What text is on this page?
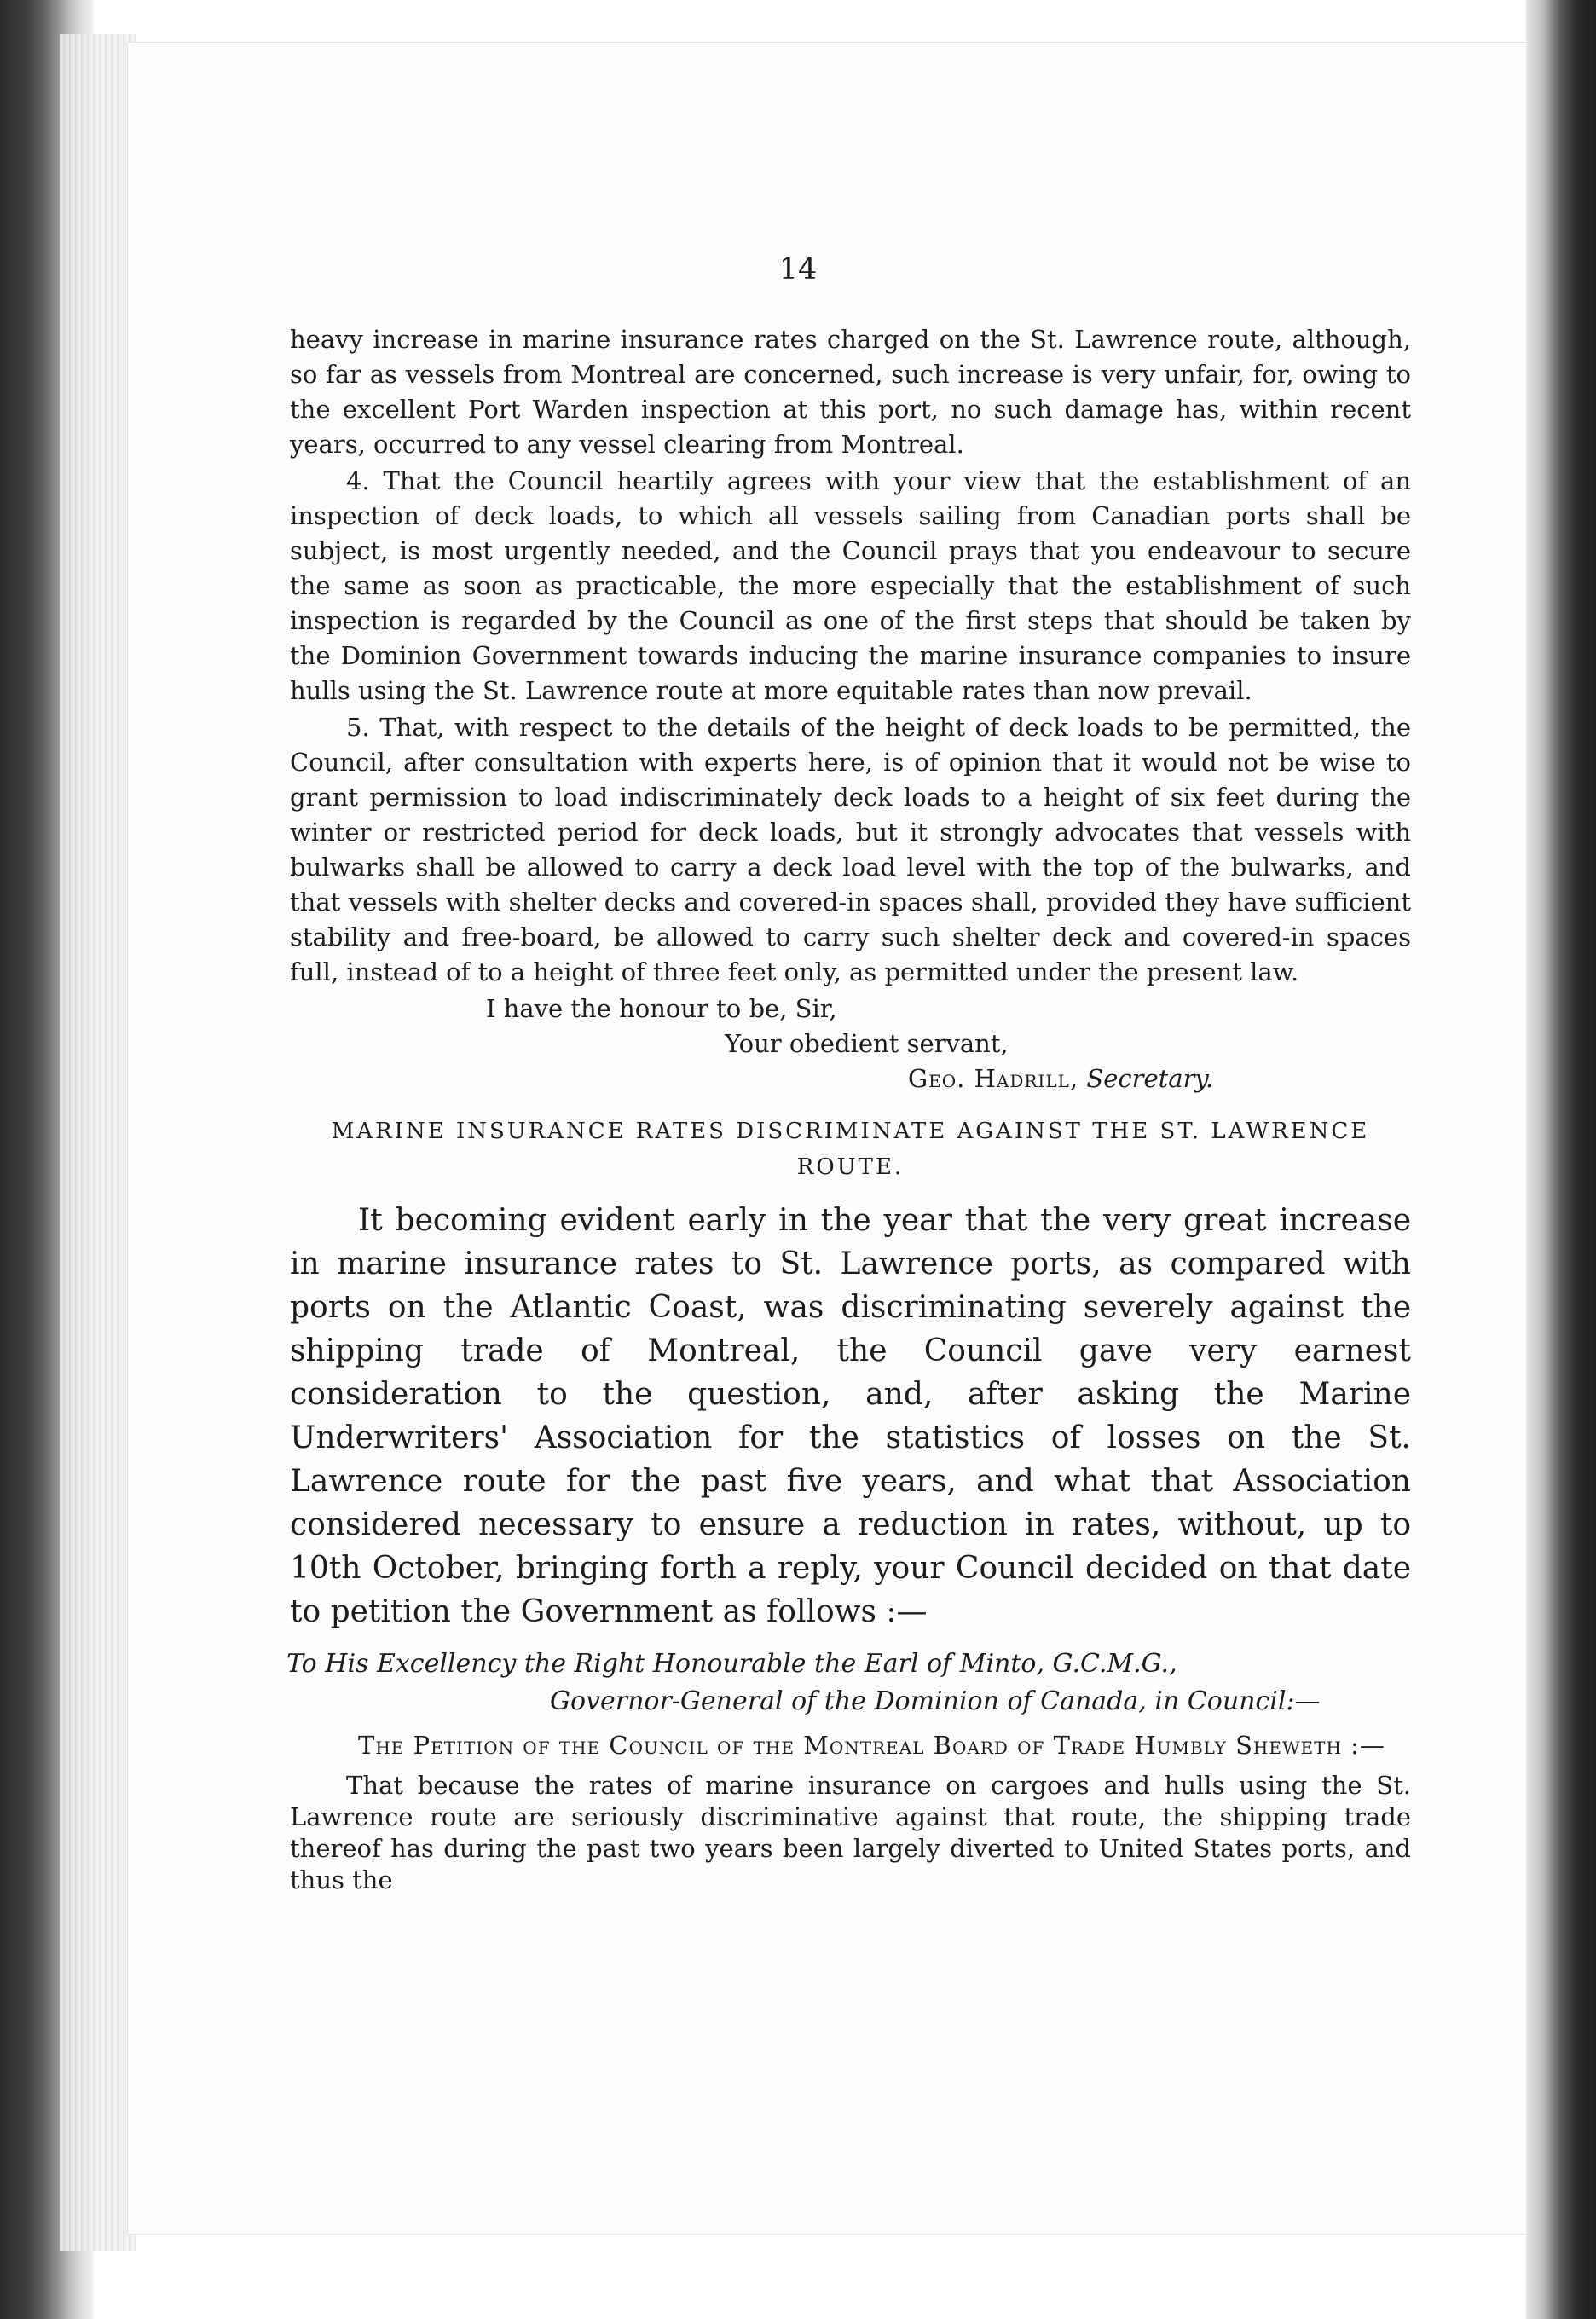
14

heavy increase in marine insurance rates charged on the St. Lawrence route, although, so far as vessels from Montreal are concerned, such increase is very unfair, for, owing to the excellent Port Warden inspection at this port, no such damage has, within recent years, occurred to any vessel clearing from Montreal.

4. That the Council heartily agrees with your view that the establishment of an inspection of deck loads, to which all vessels sailing from Canadian ports shall be subject, is most urgently needed, and the Council prays that you endeavour to secure the same as soon as practicable, the more especially that the establishment of such inspection is regarded by the Council as one of the first steps that should be taken by the Dominion Government towards inducing the marine insurance companies to insure hulls using the St. Lawrence route at more equitable rates than now prevail.

5. That, with respect to the details of the height of deck loads to be permitted, the Council, after consultation with experts here, is of opinion that it would not be wise to grant permission to load indiscriminately deck loads to a height of six feet during the winter or restricted period for deck loads, but it strongly advocates that vessels with bulwarks shall be allowed to carry a deck load level with the top of the bulwarks, and that vessels with shelter decks and covered-in spaces shall, provided they have sufficient stability and free-board, be allowed to carry such shelter deck and covered-in spaces full, instead of to a height of three feet only, as permitted under the present law.

I have the honour to be, Sir,
Your obedient servant,
Geo. Hadrill, Secretary.
MARINE INSURANCE RATES DISCRIMINATE AGAINST THE ST. LAWRENCE
ROUTE.

It becoming evident early in the year that the very great increase in marine insurance rates to St. Lawrence ports, as compared with ports on the Atlantic Coast, was discriminating severely against the shipping trade of Montreal, the Council gave very earnest consideration to the question, and, after asking the Marine Underwriters' Association for the statistics of losses on the St. Lawrence route for the past five years, and what that Association considered necessary to ensure a reduction in rates, without, up to 10th October, bringing forth a reply, your Council decided on that date to petition the Government as follows :—

To His Excellency the Right Honourable the Earl of Minto, G.C.M.G.,
Governor-General of the Dominion of Canada, in Council:—

The Petition of the Council of the Montreal Board of Trade Humbly Sheweth :—

That because the rates of marine insurance on cargoes and hulls using the St. Lawrence route are seriously discriminative against that route, the shipping trade thereof has during the past two years been largely diverted to United States ports, and thus the
